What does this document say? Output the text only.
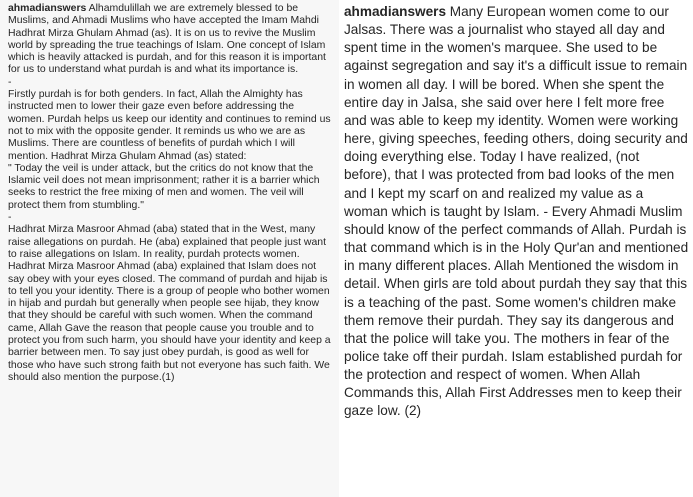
ahmadianswers Alhamdulillah we are extremely blessed to be Muslims, and Ahmadi Muslims who have accepted the Imam Mahdi Hadhrat Mirza Ghulam Ahmad (as). It is on us to revive the Muslim world by spreading the true teachings of Islam. One concept of Islam which is heavily attacked is purdah, and for this reason it is important for us to understand what purdah is and what its importance is.
-
Firstly purdah is for both genders. In fact, Allah the Almighty has instructed men to lower their gaze even before addressing the women. Purdah helps us keep our identity and continues to remind us not to mix with the opposite gender. It reminds us who we are as Muslims. There are countless of benefits of purdah which I will mention. Hadhrat Mirza Ghulam Ahmad (as) stated:
" Today the veil is under attack, but the critics do not know that the Islamic veil does not mean imprisonment; rather it is a barrier which seeks to restrict the free mixing of men and women. The veil will protect them from stumbling."
-
Hadhrat Mirza Masroor Ahmad (aba) stated that in the West, many raise allegations on purdah. He (aba) explained that people just want to raise allegations on Islam. In reality, purdah protects women. Hadhrat Mirza Masroor Ahmad (aba) explained that Islam does not say obey with your eyes closed. The command of purdah and hijab is to tell you your identity. There is a group of people who bother women in hijab and purdah but generally when people see hijab, they know that they should be careful with such women. When the command came, Allah Gave the reason that people cause you trouble and to protect you from such harm, you should have your identity and keep a barrier between men. To say just obey purdah, is good as well for those who have such strong faith but not everyone has such faith. We should also mention the purpose.(1)

ahmadianswers Many European women come to our Jalsas. There was a journalist who stayed all day and spent time in the women's marquee. She used to be against segregation and say it's a difficult issue to remain in women all day. I will be bored. When she spent the entire day in Jalsa, she said over here I felt more free and was able to keep my identity. Women were working here, giving speeches, feeding others, doing security and doing everything else. Today I have realized, (not before), that I was protected from bad looks of the men and I kept my scarf on and realized my value as a woman which is taught by Islam. - Every Ahmadi Muslim should know of the perfect commands of Allah. Purdah is that command which is in the Holy Qur'an and mentioned in many different places. Allah Mentioned the wisdom in detail. When girls are told about purdah they say that this is a teaching of the past. Some women's children make them remove their purdah. They say its dangerous and that the police will take you. The mothers in fear of the police take off their purdah. Islam established purdah for the protection and respect of women. When Allah Commands this, Allah First Addresses men to keep their gaze low. (2)
